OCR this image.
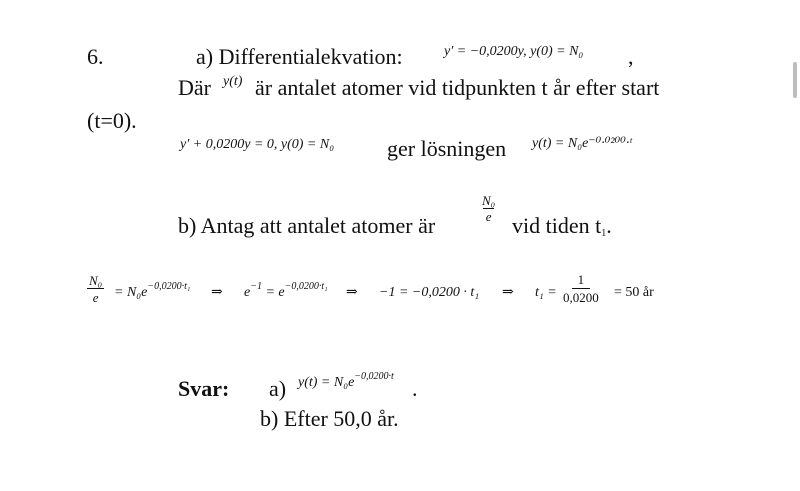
6.	a) Differentialekvation:	y′ = −0,0200y, y(0) = N₀ ,
Där y(t) är antalet atomer vid tidpunkten t år efter start
(t=0).
y′ + 0,0200y = 0, y(0) = N₀ ger lösningen y(t) = N₀e⁻⁰·⁰²⁰⁰·ᵗ
b) Antag att antalet atomer är
$\frac{\text{N₀}}{e}$
vid tiden $t_1$.
$\frac{\text{N₀}}{e} = N_0e^{-0,0200\cdot t_1}$ ⇒ $e^{-1} = e^{-0,0200\cdot t_1}$ ⇒ −1 = −0,0200 · t₁ ⇒ $t_1 = \frac{1}{0,0200} = 50$ år
Svar: a) $y(t) = N_0e^{-0,0200\cdot t}$ .
b) Efter 50,0 år.
